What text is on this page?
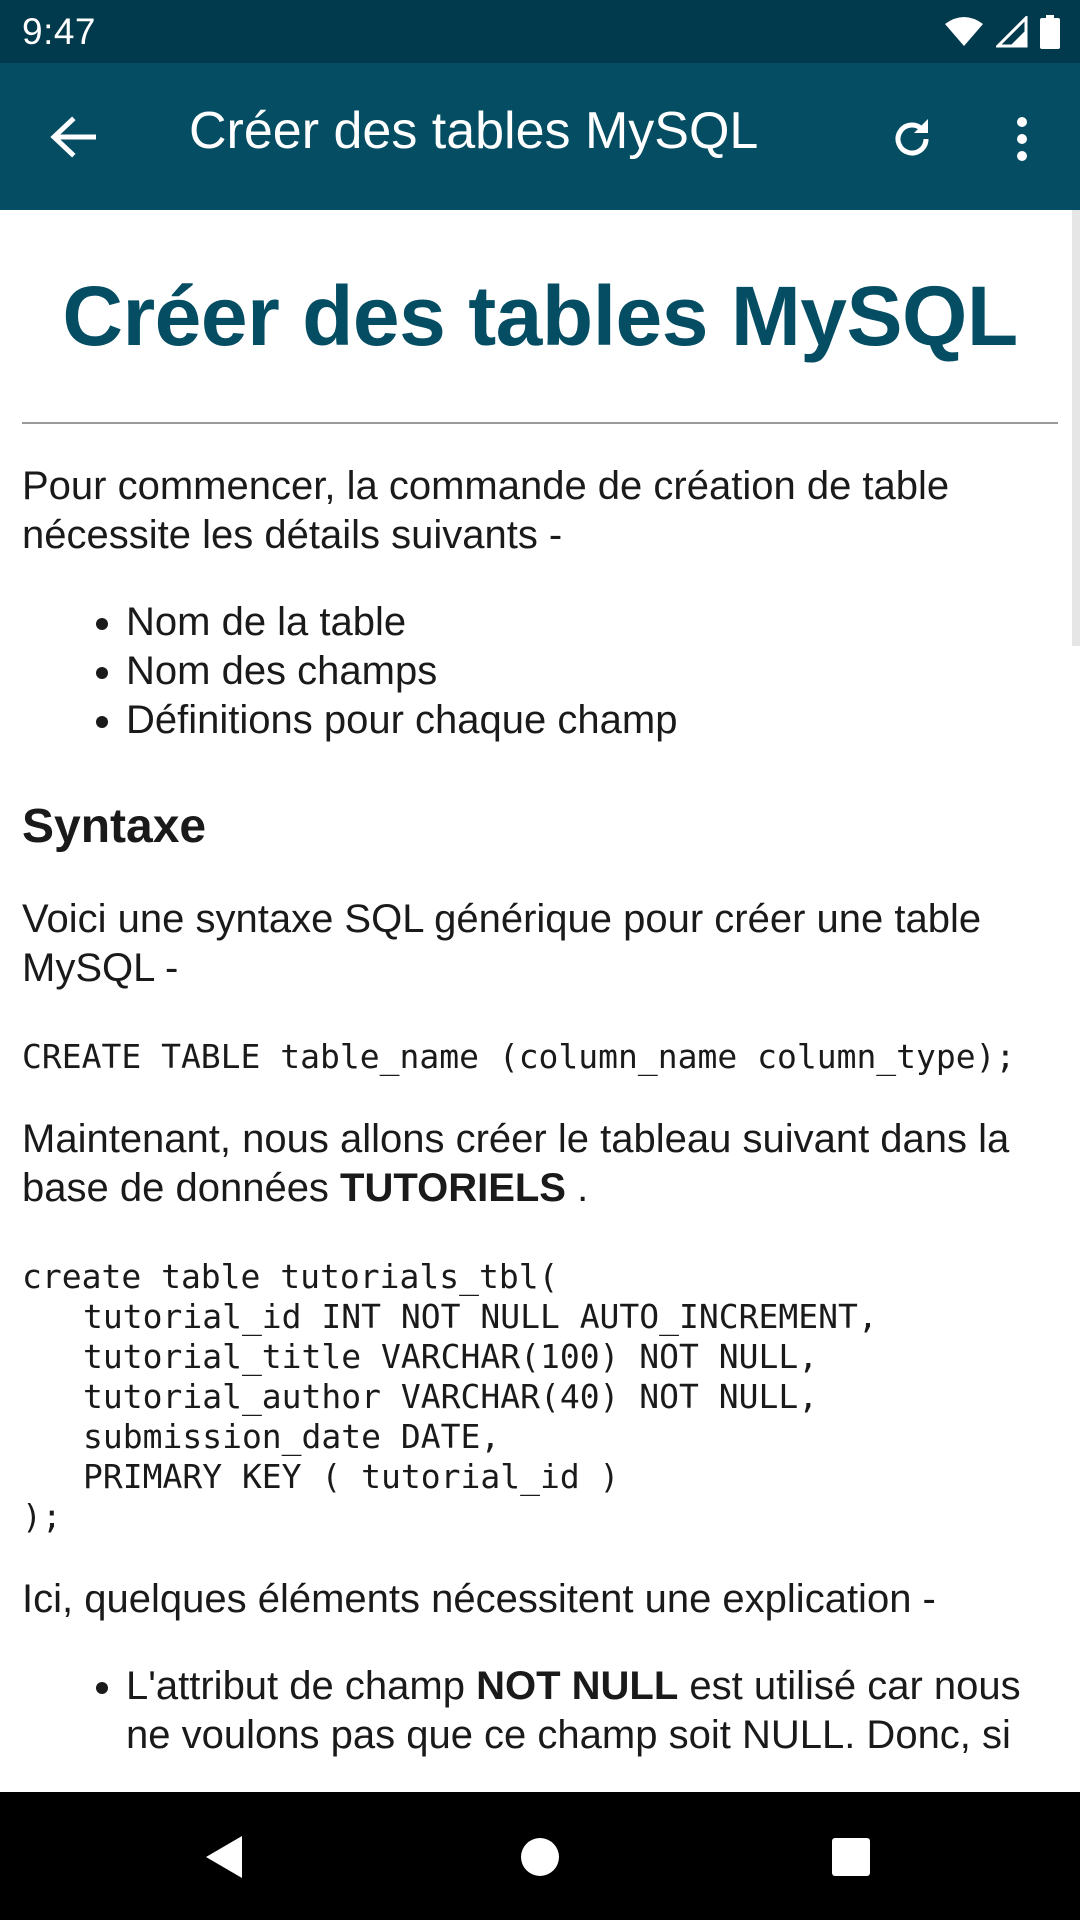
9:47
Créer des tables MySQL
Créer des tables MySQL

Pour commencer, la commande de création de table nécessite les détails suivants -

• Nom de la table
• Nom des champs
• Définitions pour chaque champ
Syntaxe

Voici une syntaxe SQL générique pour créer une table MySQL -

CREATE TABLE table_name (column_name column_type);

Maintenant, nous allons créer le tableau suivant dans la base de données TUTORIELS .

create table tutorials_tbl(
tutorial_id INT NOT NULL AUTO_INCREMENT,
tutorial_title VARCHAR(100) NOT NULL,
tutorial_author VARCHAR(40) NOT NULL,
submission_date DATE,
PRIMARY KEY ( tutorial_id )
);

Ici, quelques éléments nécessitent une explication -

• L'attribut de champ NOT NULL est utilisé car nous ne voulons pas que ce champ soit NULL. Donc, si
